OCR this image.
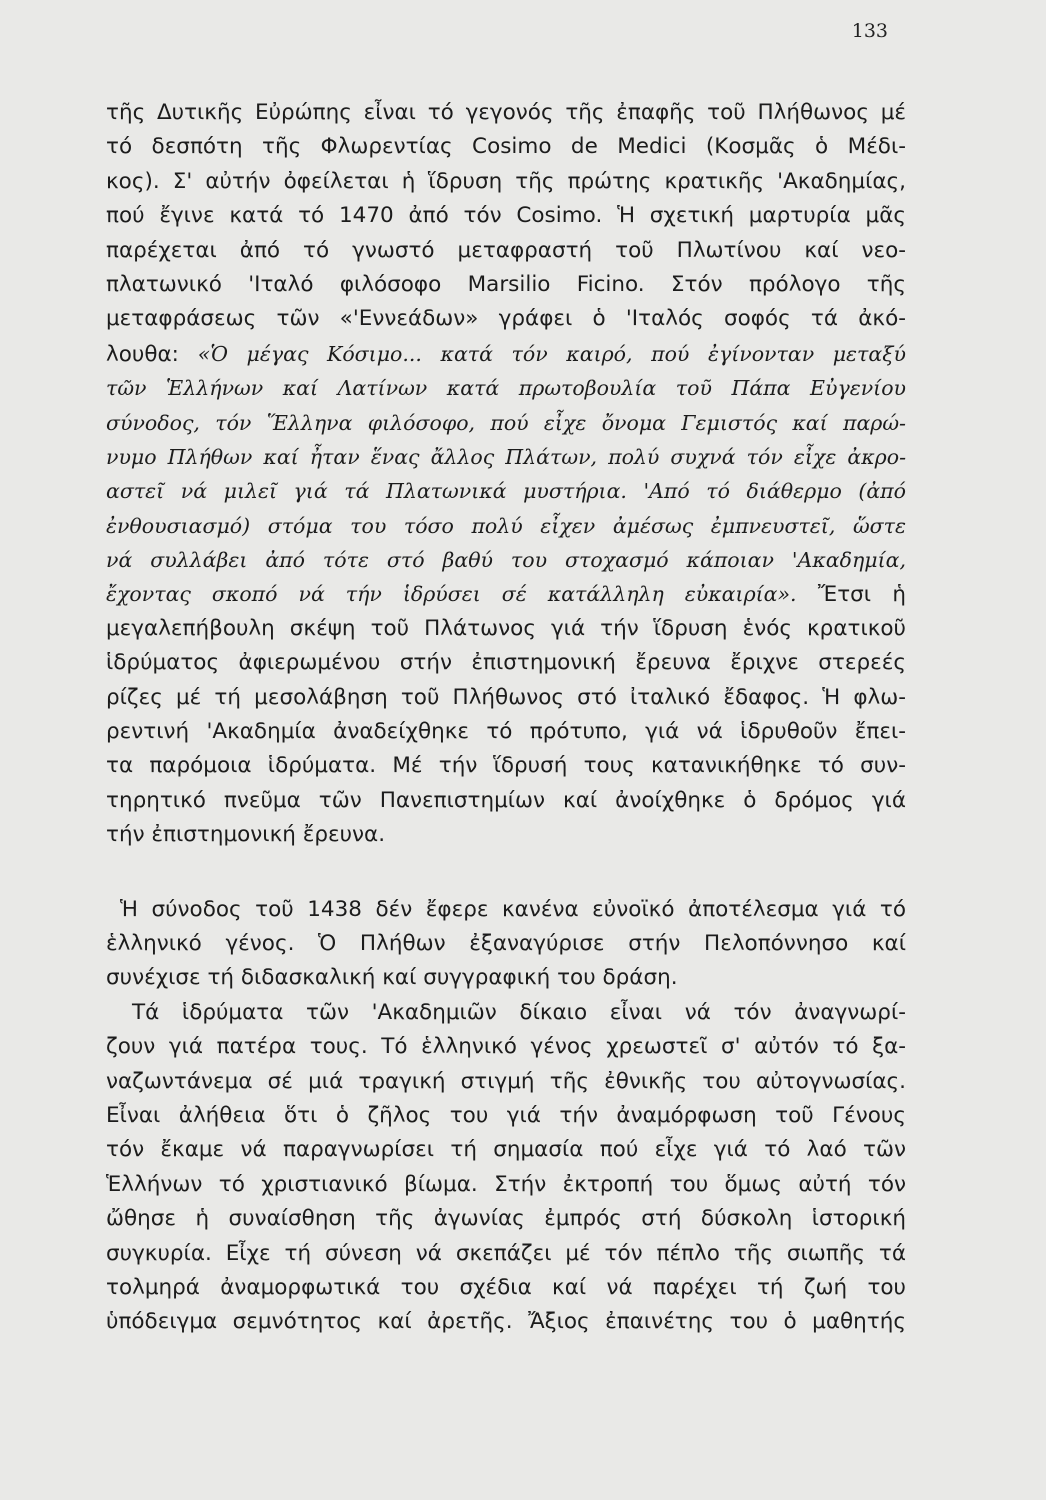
133
τῆς Δυτικῆς Εὐρώπης εἶναι τό γεγονός τῆς ἐπαφῆς τοῦ Πλήθωνος μέ
τό δεσπότη τῆς Φλωρεντίας Cosimo de Medici (Κοσμᾶς ὁ Μέδι-
κος). Σ' αὐτήν ὀφείλεται ἡ ἵδρυση τῆς πρώτης κρατικῆς 'Ακαδημίας,
πού ἔγινε κατά τό 1470 ἀπό τόν Cosimo. Ἡ σχετική μαρτυρία μᾶς
παρέχεται ἀπό τό γνωστό μεταφραστή τοῦ Πλωτίνου καί νεο-
πλατωνικό 'Ιταλό φιλόσοφο Marsilio Ficino. Στόν πρόλογο τῆς
μεταφράσεως τῶν «'Εννεάδων» γράφει ὁ 'Ιταλός σοφός τά ἀκό-
λουθα: «Ὁ μέγας Κόσιμο... κατά τόν καιρό, πού ἐγίνονταν μεταξύ
τῶν Ἑλλήνων καί Λατίνων κατά πρωτοβουλία τοῦ Πάπα Εὐγενίου
σύνοδος, τόν Ἕλληνα φιλόσοφο, πού εἶχε ὄνομα Γεμιστός καί παρώ-
νυμο Πλήθων καί ἦταν ἕνας ἄλλος Πλάτων, πολύ συχνά τόν εἶχε ἀκρο-
αστεῖ νά μιλεῖ γιά τά Πλατωνικά μυστήρια. 'Από τό διάθερμο (ἀπό
ἐνθουσιασμό) στόμα του τόσο πολύ εἶχεν ἀμέσως ἐμπνευστεῖ, ὥστε
νά συλλάβει ἀπό τότε στό βαθύ του στοχασμό κάποιαν 'Ακαδημία,
ἔχοντας σκοπό νά τήν ἱδρύσει σέ κατάλληλη εὐκαιρία». Ἔτσι ἡ
μεγαλεπήβουλη σκέψη τοῦ Πλάτωνος γιά τήν ἵδρυση ἑνός κρατικοῦ
ἱδρύματος ἀφιερωμένου στήν ἐπιστημονική ἔρευνα ἔριχνε στερεές
ρίζες μέ τή μεσολάβηση τοῦ Πλήθωνος στό ἰταλικό ἔδαφος. Ἡ φλω-
ρεντινή 'Ακαδημία ἀναδείχθηκε τό πρότυπο, γιά νά ἱδρυθοῦν ἔπει-
τα παρόμοια ἱδρύματα. Μέ τήν ἵδρυσή τους κατανικήθηκε τό συν-
τηρητικό πνεῦμα τῶν Πανεπιστημίων καί ἀνοίχθηκε ὁ δρόμος γιά
τήν ἐπιστημονική ἔρευνα.
Ἡ σύνοδος τοῦ 1438 δέν ἔφερε κανένα εὐνοϊκό ἀποτέλεσμα γιά τό
ἑλληνικό γένος. Ὁ Πλήθων ἐξαναγύρισε στήν Πελοπόννησο καί
συνέχισε τή διδασκαλική καί συγγραφική του δράση.
Τά ἱδρύματα τῶν 'Ακαδημιῶν δίκαιο εἶναι νά τόν ἀναγνωρί-
ζουν γιά πατέρα τους. Τό ἑλληνικό γένος χρεωστεῖ σ' αὐτόν τό ξα-
ναζωντάνεμα σέ μιά τραγική στιγμή τῆς ἐθνικῆς του αὐτογνωσίας.
Εἶναι ἀλήθεια ὅτι ὁ ζῆλος του γιά τήν ἀναμόρφωση τοῦ Γένους
τόν ἔκαμε νά παραγνωρίσει τή σημασία πού εἶχε γιά τό λαό τῶν
Ἑλλήνων τό χριστιανικό βίωμα. Στήν ἐκτροπή του ὅμως αὐτή τόν
ὤθησε ἡ συναίσθηση τῆς ἀγωνίας ἐμπρός στή δύσκολη ἱστορική
συγκυρία. Εἶχε τή σύνεση νά σκεπάζει μέ τόν πέπλο τῆς σιωπῆς τά
τολμηρά ἀναμορφωτικά του σχέδια καί νά παρέχει τή ζωή του
ὑπόδειγμα σεμνότητος καί ἀρετῆς. Ἄξιος ἐπαινέτης του ὁ μαθητής
